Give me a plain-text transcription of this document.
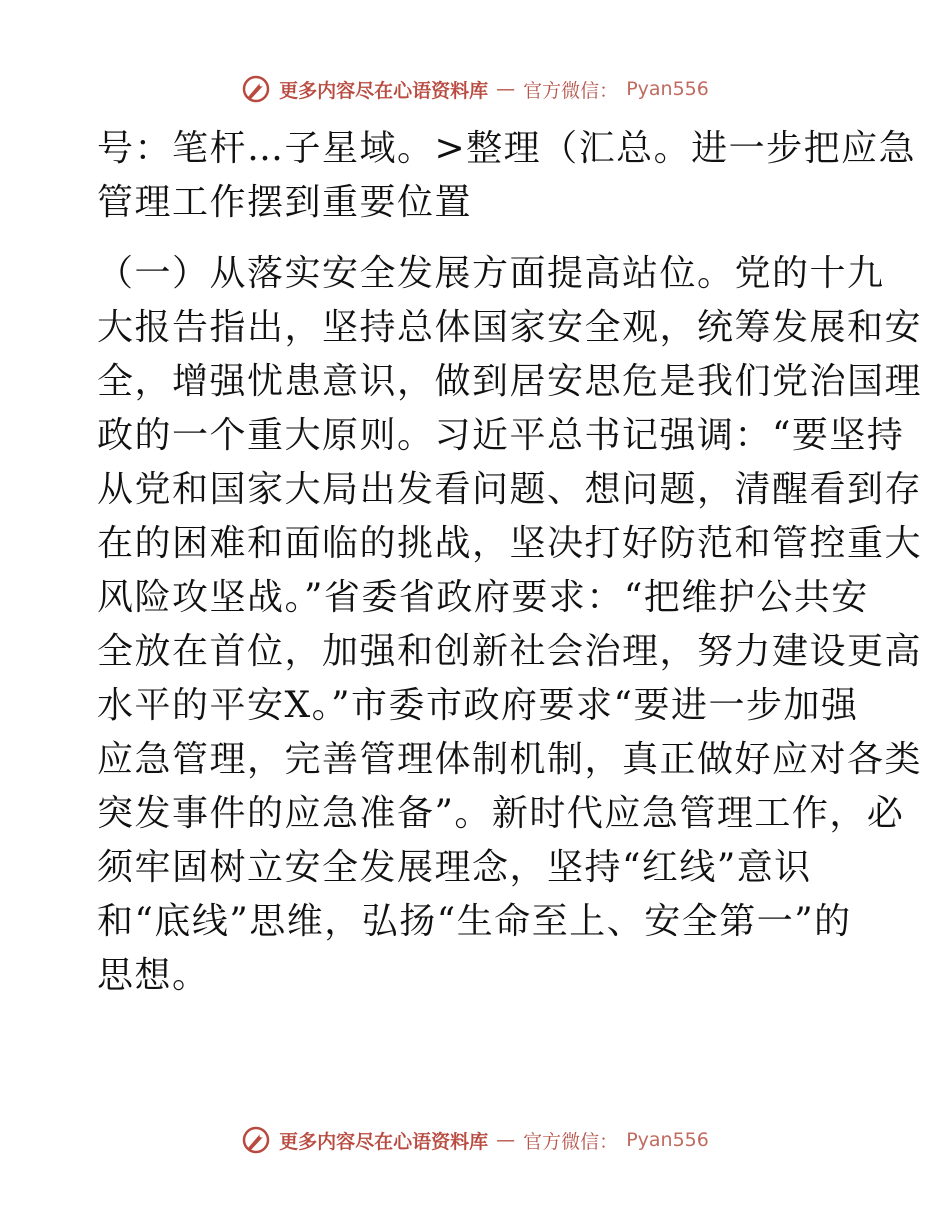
更多内容尽在心语资料库 — 官方微信： Pyan556
号：笔杆…子星域。>整理（汇总。进一步把应急
管理工作摆到重要位置
（一）从落实安全发展方面提高站位。党的十九
大报告指出，坚持总体国家安全观，统筹发展和安
全，增强忧患意识，做到居安思危是我们党治国理
政的一个重大原则。习近平总书记强调：“要坚持
从党和国家大局出发看问题、想问题，清醒看到存
在的困难和面临的挑战，坚决打好防范和管控重大
风险攻坚战。”省委省政府要求：“把维护公共安
全放在首位，加强和创新社会治理，努力建设更高
水平的平安X。”市委市政府要求“要进一步加强
应急管理，完善管理体制机制，真正做好应对各类
突发事件的应急准备”。新时代应急管理工作，必
须牢固树立安全发展理念，坚持“红线”意识
和“底线”思维，弘扬“生命至上、安全第一”的
思想。
更多内容尽在心语资料库 — 官方微信： Pyan556
